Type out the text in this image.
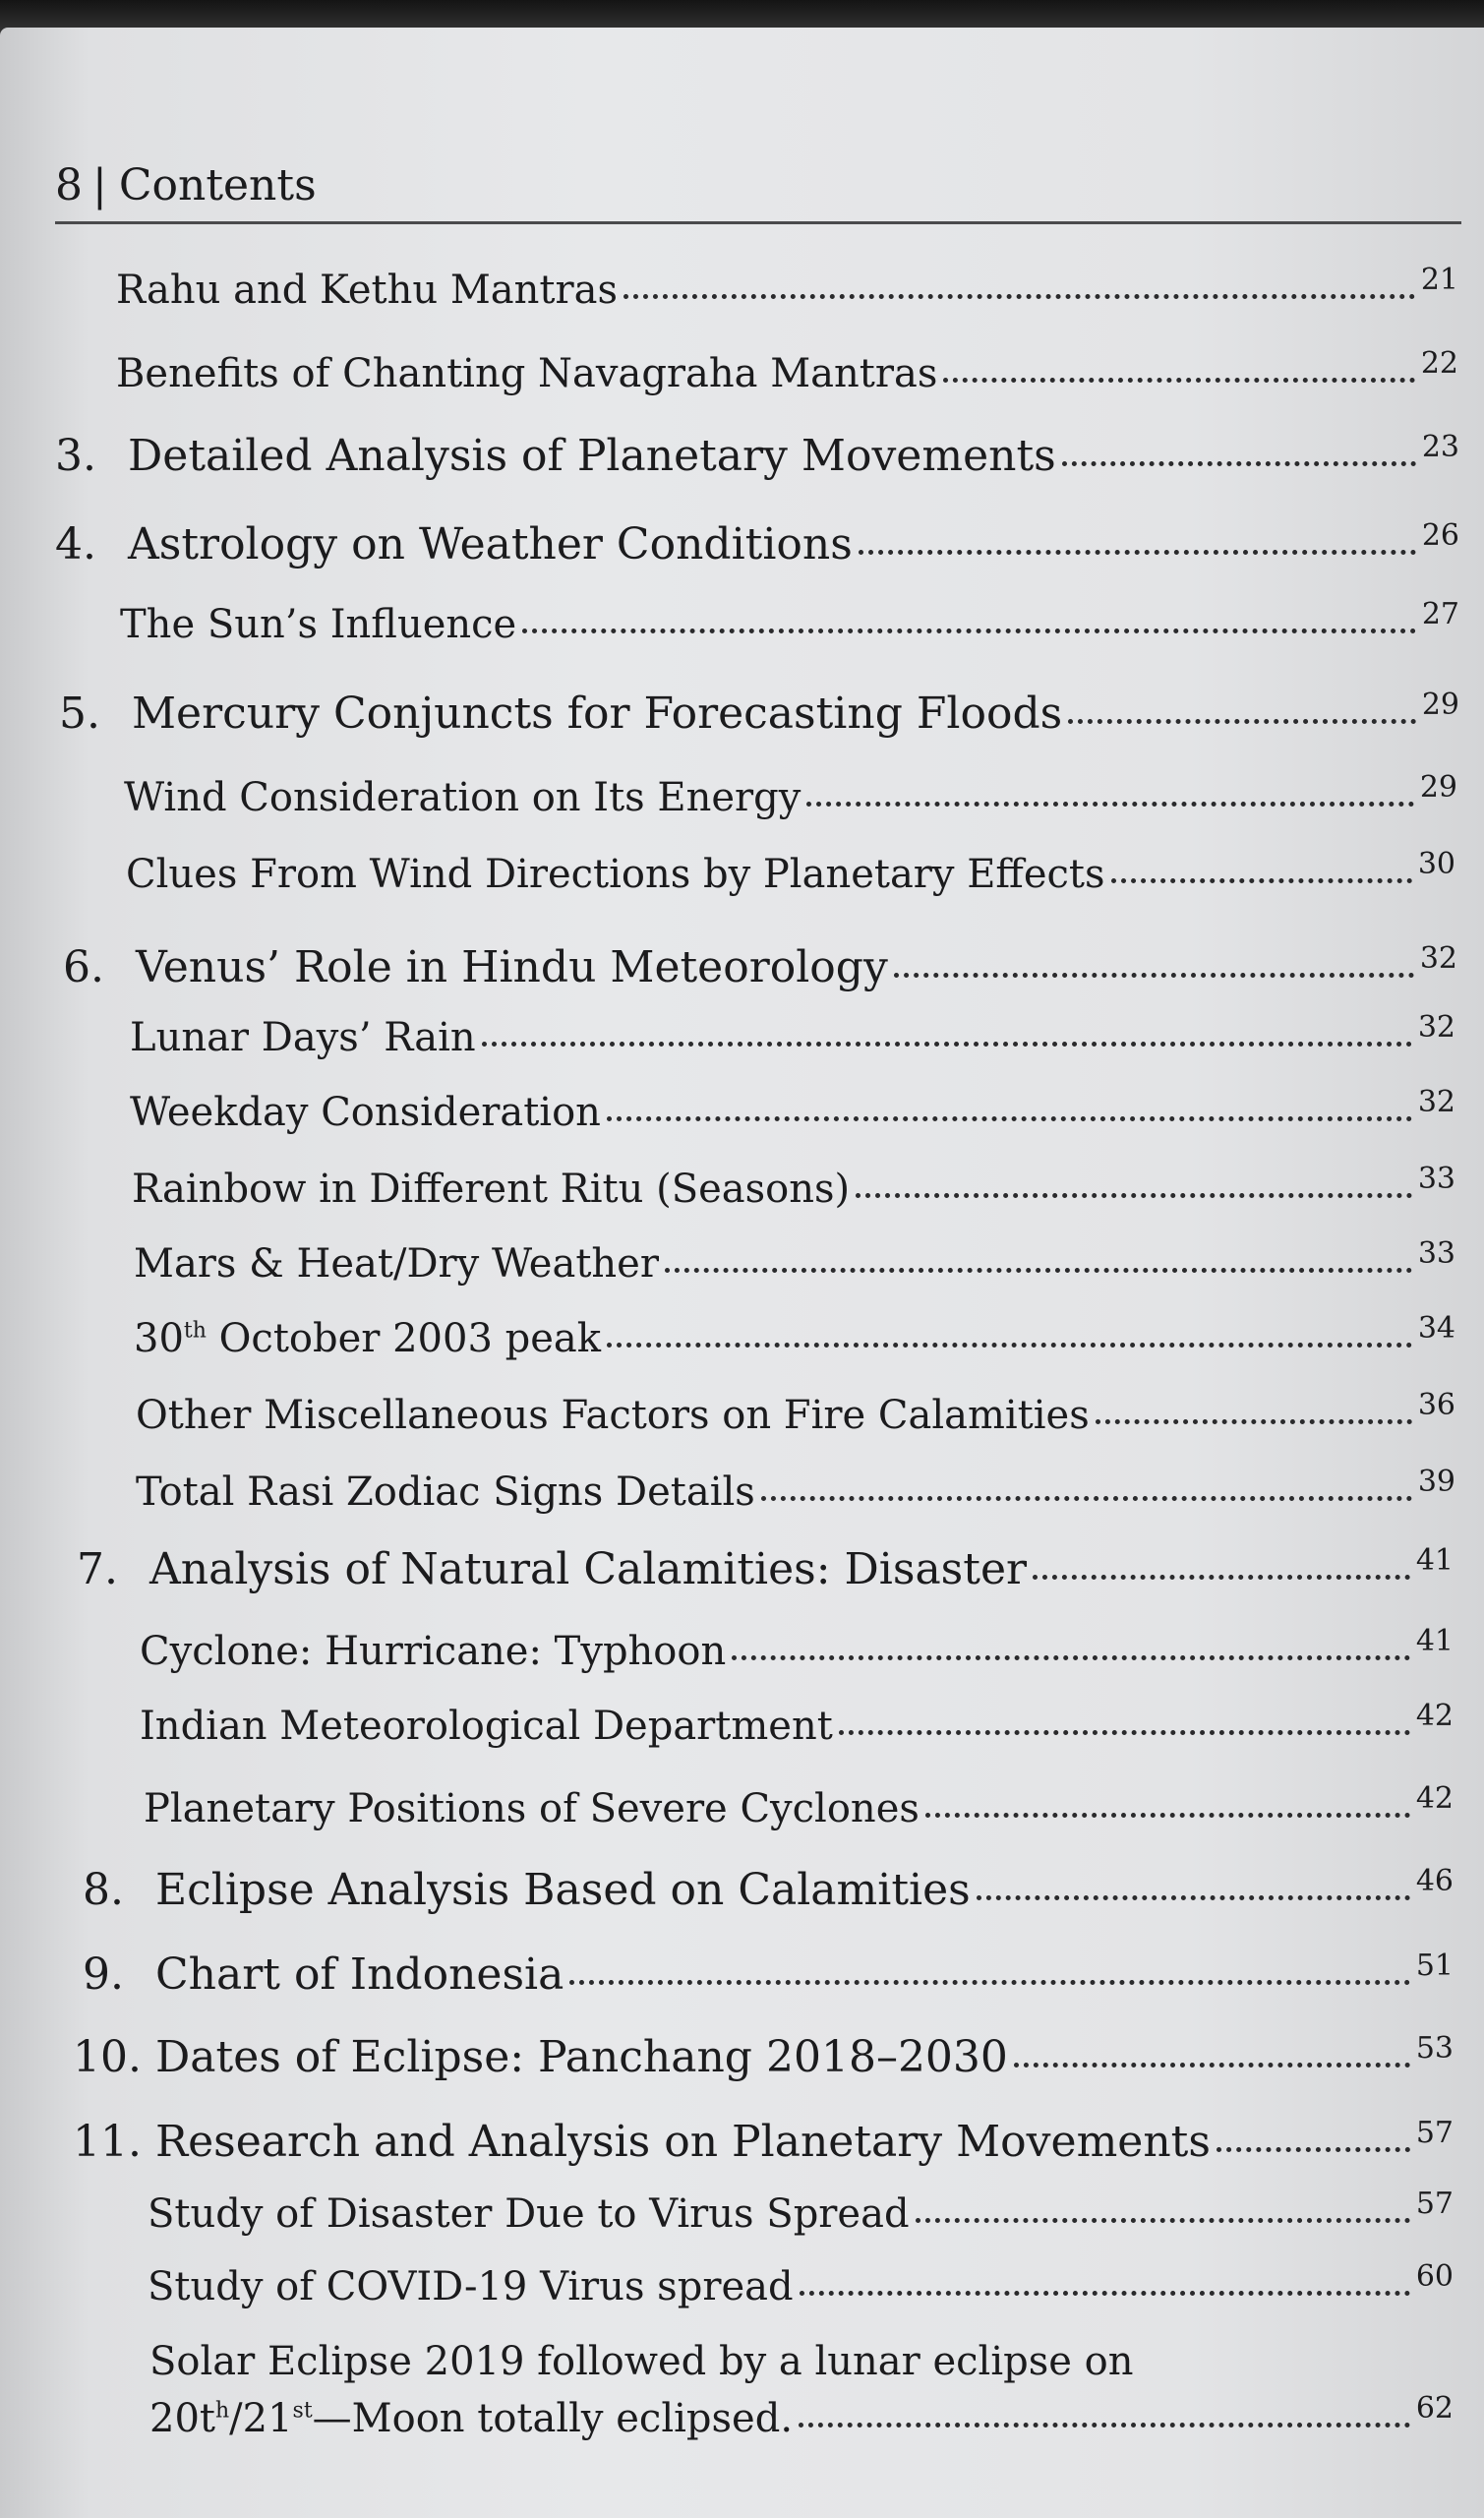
8 | Contents
Rahu and Kethu Mantras	21
Benefits of Chanting Navagraha Mantras	22
3. Detailed Analysis of Planetary Movements	23
4. Astrology on Weather Conditions	26
The Sun’s Influence	27
5. Mercury Conjuncts for Forecasting Floods	29
Wind Consideration on Its Energy	29
Clues From Wind Directions by Planetary Effects	30
6. Venus’ Role in Hindu Meteorology	32
Lunar Days’ Rain	32
Weekday Consideration	32
Rainbow in Different Ritu (Seasons)	33
Mars & Heat/Dry Weather	33
30th October 2003 peak	34
Other Miscellaneous Factors on Fire Calamities	36
Total Rasi Zodiac Signs Details	39
7. Analysis of Natural Calamities: Disaster	41
Cyclone: Hurricane: Typhoon	41
Indian Meteorological Department	42
Planetary Positions of Severe Cyclones	42
8. Eclipse Analysis Based on Calamities	46
9. Chart of Indonesia	51
10. Dates of Eclipse: Panchang 2018–2030	53
11. Research and Analysis on Planetary Movements	57
Study of Disaster Due to Virus Spread	57
Study of COVID-19 Virus spread	60
Solar Eclipse 2019 followed by a lunar eclipse on
$20t^h/21st—Moon$ totally eclipsed.	62
